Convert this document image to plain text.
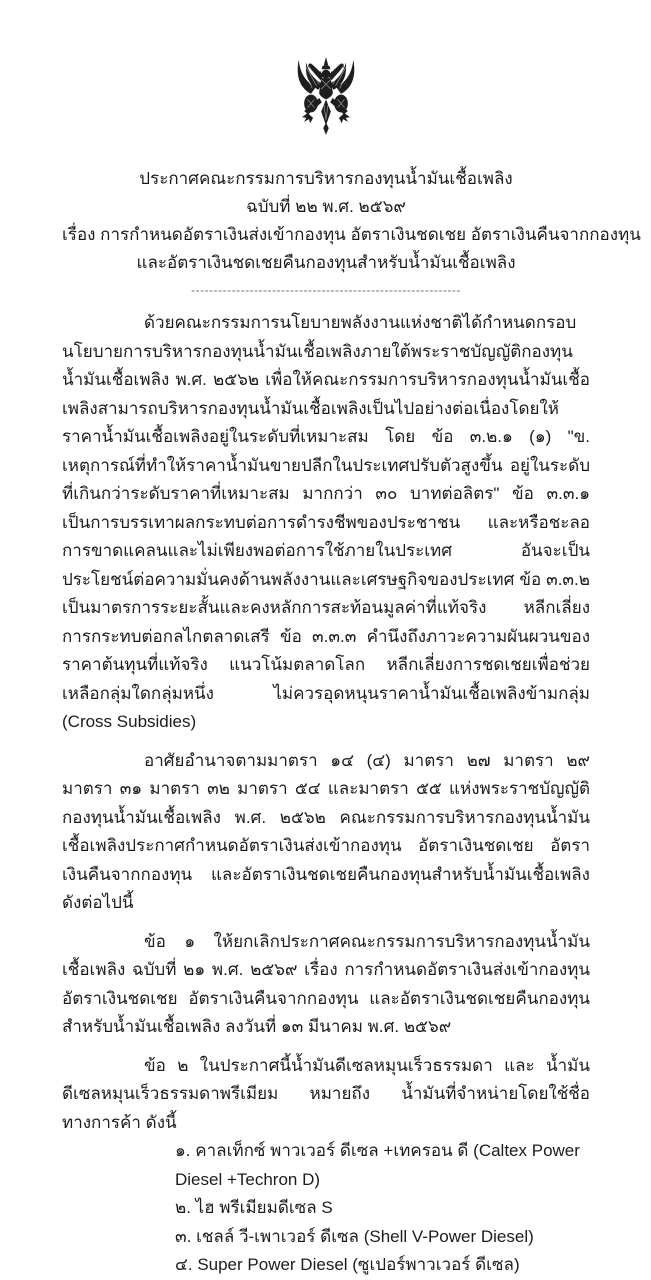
ประกาศคณะกรรมการบริหารกองทุนน้ำมันเชื้อเพลิง
ฉบับที่ ๒๒ พ.ศ. ๒๕๖๙
เรื่อง การกำหนดอัตราเงินส่งเข้ากองทุน อัตราเงินชดเชย อัตราเงินคืนจากกองทุน
และอัตราเงินชดเชยคืนกองทุนสำหรับน้ำมันเชื้อเพลิง
------------------------------------------------------------

ด้วยคณะกรรมการนโยบายพลังงานแห่งชาติได้กำหนดกรอบนโยบายการบริหารกองทุนน้ำมันเชื้อเพลิงภายใต้พระราชบัญญัติกองทุนน้ำมันเชื้อเพลิง พ.ศ. ๒๕๖๒ เพื่อให้คณะกรรมการบริหารกองทุนน้ำมันเชื้อเพลิงสามารถบริหารกองทุนน้ำมันเชื้อเพลิงเป็นไปอย่างต่อเนื่องโดยให้ราคาน้ำมันเชื้อเพลิงอยู่ในระดับที่เหมาะสม โดย ข้อ ๓.๒.๑ (๑) "ข. เหตุการณ์ที่ทำให้ราคาน้ำมันขายปลีกในประเทศปรับตัวสูงขึ้น อยู่ในระดับที่เกินกว่าระดับราคาที่เหมาะสม มากกว่า ๓๐ บาทต่อลิตร" ข้อ ๓.๓.๑ เป็นการบรรเทาผลกระทบต่อการดำรงชีพของประชาชน และหรือชะลอการขาดแคลนและไม่เพียงพอต่อการใช้ภายในประเทศ อันจะเป็นประโยชน์ต่อความมั่นคงด้านพลังงานและเศรษฐกิจของประเทศ ข้อ ๓.๓.๒ เป็นมาตรการระยะสั้นและคงหลักการสะท้อนมูลค่าที่แท้จริง หลีกเลี่ยงการกระทบต่อกลไกตลาดเสรี ข้อ ๓.๓.๓ คำนึงถึงภาวะความผันผวนของราคาต้นทุนที่แท้จริง แนวโน้มตลาดโลก หลีกเลี่ยงการชดเชยเพื่อช่วยเหลือกลุ่มใดกลุ่มหนึ่ง ไม่ควรอุดหนุนราคาน้ำมันเชื้อเพลิงข้ามกลุ่ม (Cross Subsidies)

อาศัยอำนาจตามมาตรา ๑๔ (๔) มาตรา ๒๗ มาตรา ๒๙ มาตรา ๓๑ มาตรา ๓๒ มาตรา ๕๔ และมาตรา ๕๕ แห่งพระราชบัญญัติกองทุนน้ำมันเชื้อเพลิง พ.ศ. ๒๕๖๒ คณะกรรมการบริหารกองทุนน้ำมันเชื้อเพลิงประกาศกำหนดอัตราเงินส่งเข้ากองทุน อัตราเงินชดเชย อัตราเงินคืนจากกองทุน และอัตราเงินชดเชยคืนกองทุนสำหรับน้ำมันเชื้อเพลิง ดังต่อไปนี้

ข้อ ๑ ให้ยกเลิกประกาศคณะกรรมการบริหารกองทุนน้ำมันเชื้อเพลิง ฉบับที่ ๒๑ พ.ศ. ๒๕๖๙ เรื่อง การกำหนดอัตราเงินส่งเข้ากองทุน อัตราเงินชดเชย อัตราเงินคืนจากกองทุน และอัตราเงินชดเชยคืนกองทุนสำหรับน้ำมันเชื้อเพลิง ลงวันที่ ๑๓ มีนาคม พ.ศ. ๒๕๖๙

ข้อ ๒ ในประกาศนี้น้ำมันดีเซลหมุนเร็วธรรมดา และ น้ำมันดีเซลหมุนเร็วธรรมดาพรีเมียม หมายถึง น้ำมันที่จำหน่ายโดยใช้ชื่อทางการค้า ดังนี้

๑. คาลเท็กซ์ พาวเวอร์ ดีเซล +เทครอน ดี (Caltex Power Diesel +Techron D)
๒. ไฮ พรีเมียมดีเซล S
๓. เชลล์ วี-เพาเวอร์ ดีเซล (Shell V-Power Diesel)
๔. Super Power Diesel (ซูเปอร์พาวเวอร์ ดีเซล)
